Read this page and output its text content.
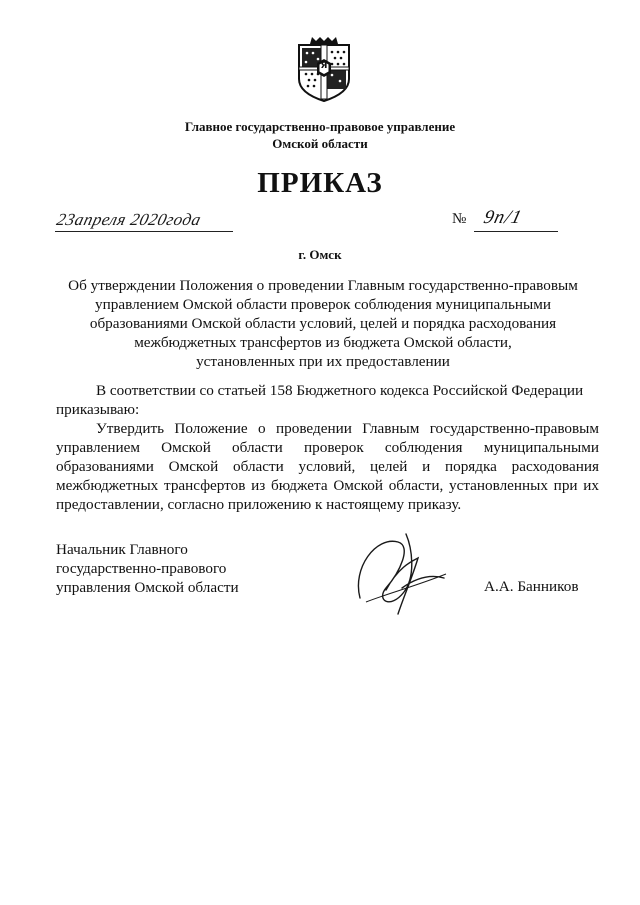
Я
Главное государственно-правовое управление
Омской области
ПРИКАЗ
23апреля 2020года	№ 9п/1
г. Омск
Об утверждении Положения о проведении Главным государственно-правовым
управлением Омской области проверок соблюдения муниципальными
образованиями Омской области условий, целей и порядка расходования
межбюджетных трансфертов из бюджета Омской области,
установленных при их предоставлении

В соответствии со статьей 158 Бюджетного кодекса Российской Федерации

приказываю:

Утвердить Положение о проведении Главным государственно-правовым

управлением Омской области проверок соблюдения муниципальными

образованиями Омской области условий, целей и порядка расходования

межбюджетных трансфертов из бюджета Омской области, установленных при их

предоставлении, согласно приложению к настоящему приказу.

Начальник Главного
государственно-правового
управления Омской области	А.А. Банников
